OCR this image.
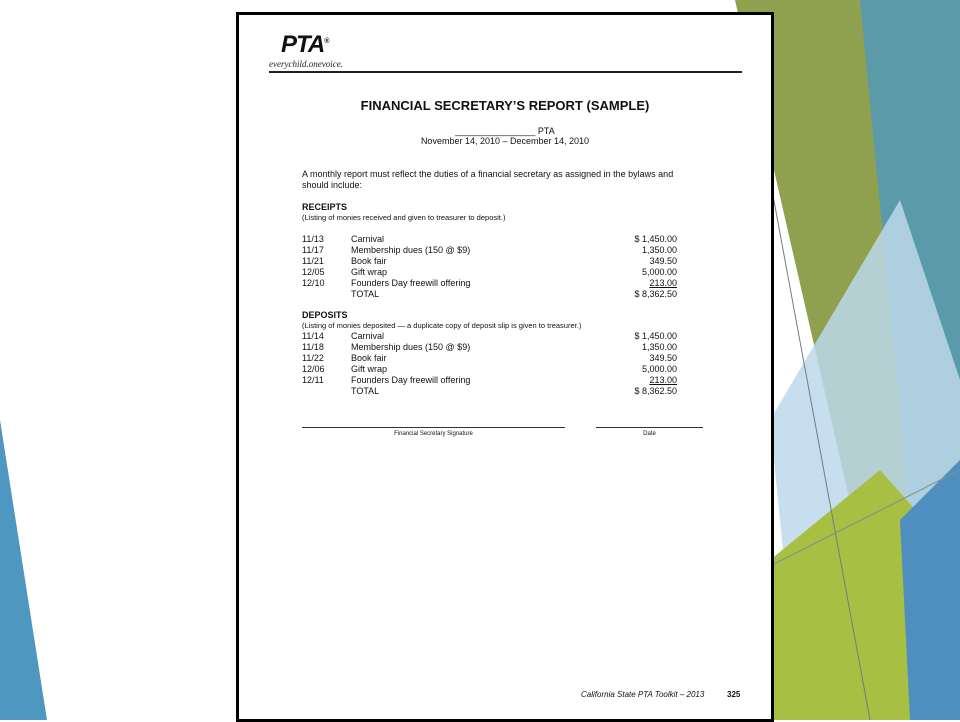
PTA®
everychild.onevoice.
FINANCIAL SECRETARY’S REPORT (SAMPLE)
________________ PTA
November 14, 2010 – December 14, 2010
A monthly report must reflect the duties of a financial secretary as assigned in the bylaws and should include:
RECEIPTS
(Listing of monies received and given to treasurer to deposit.)
11/13	Carnival	$ 1,450.00
11/17	Membership dues (150 @ $9)	1,350.00
11/21	Book fair	349.50
12/05	Gift wrap	5,000.00
12/10	Founders Day freewill offering	213.00
TOTAL	$ 8,362.50
DEPOSITS
(Listing of monies deposited — a duplicate copy of deposit slip is given to treasurer.)
11/14	Carnival	$ 1,450.00
11/18	Membership dues (150 @ $9)	1,350.00
11/22	Book fair	349.50
12/06	Gift wrap	5,000.00
12/11	Founders Day freewill offering	213.00
TOTAL	$ 8,362.50
Financial Secretary Signature	Date
California State PTA Toolkit – 2013	325
